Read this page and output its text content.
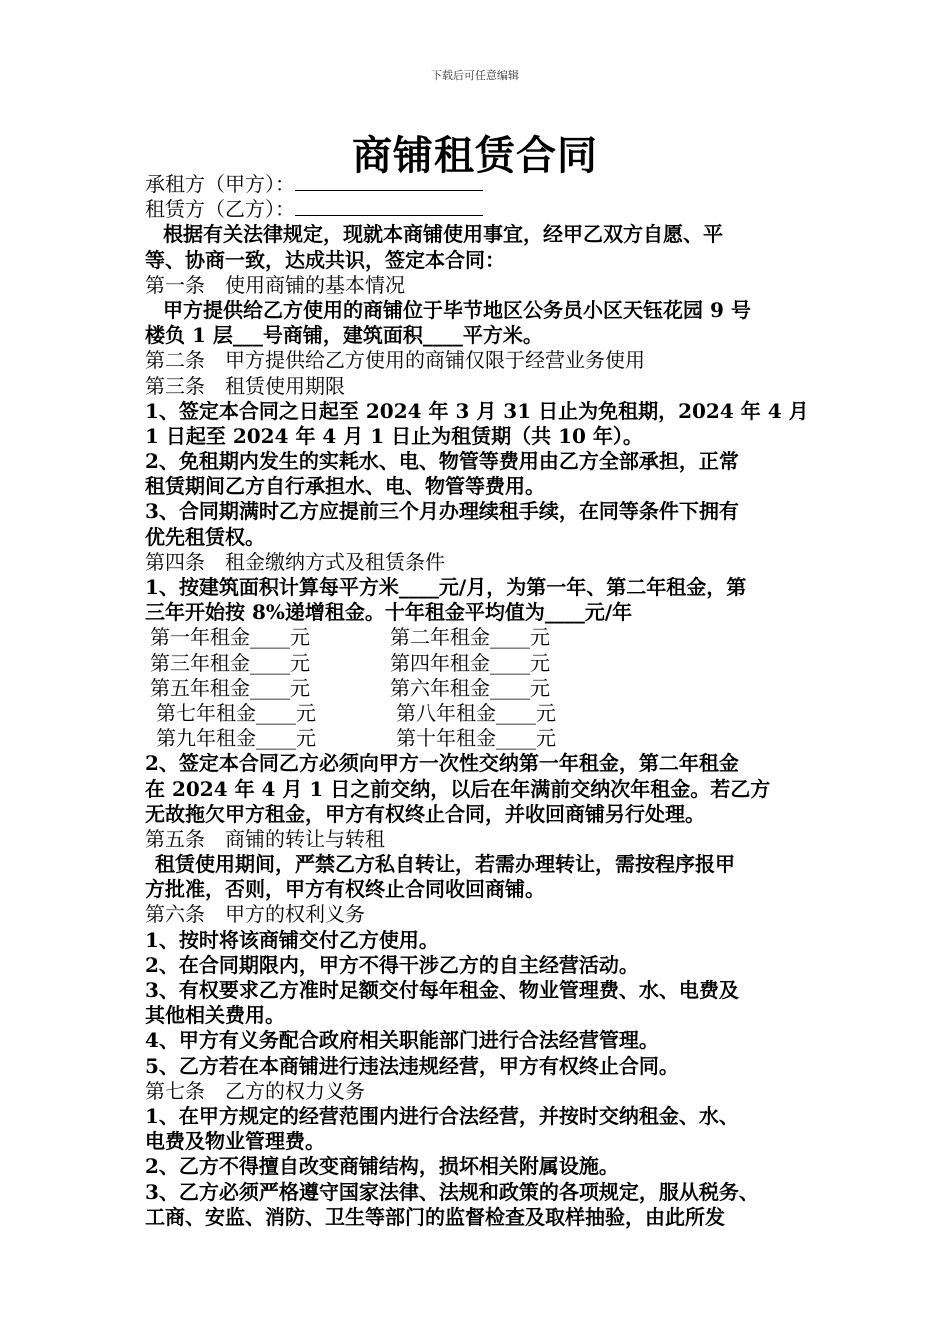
下载后可任意编辑
商铺租赁合同
承租方（甲方）：
租赁方（乙方）：
根据有关法律规定，现就本商铺使用事宜，经甲乙双方自愿、平
等、协商一致，达成共识，签定本合同：
第一条　使用商铺的基本情况
甲方提供给乙方使用的商铺位于毕节地区公务员小区天钰花园 9 号
楼负 1 层___号商铺，建筑面积____平方米。
第二条　甲方提供给乙方使用的商铺仅限于经营业务使用
第三条　租赁使用期限
1、签定本合同之日起至 2024 年 3 月 31 日止为免租期，2024 年 4 月
1 日起至 2024 年 4 月 1 日止为租赁期（共 10 年）。
2、免租期内发生的实耗水、电、物管等费用由乙方全部承担，正常
租赁期间乙方自行承担水、电、物管等费用。
3、合同期满时乙方应提前三个月办理续租手续，在同等条件下拥有
优先租赁权。
第四条　租金缴纳方式及租赁条件
1、按建筑面积计算每平方米____元/月，为第一年、第二年租金，第
三年开始按 8%递增租金。十年租金平均值为____元/年
第一年租金____元	第二年租金____元
第三年租金____元	第四年租金____元
第五年租金____元	第六年租金____元
第七年租金____元	第八年租金____元
第九年租金____元	第十年租金____元
2、签定本合同乙方必须向甲方一次性交纳第一年租金，第二年租金
在 2024 年 4 月 1 日之前交纳，以后在年满前交纳次年租金。若乙方
无故拖欠甲方租金，甲方有权终止合同，并收回商铺另行处理。
第五条　商铺的转让与转租
租赁使用期间，严禁乙方私自转让，若需办理转让，需按程序报甲
方批准，否则，甲方有权终止合同收回商铺。
第六条　甲方的权利义务
1、按时将该商铺交付乙方使用。
2、在合同期限内，甲方不得干涉乙方的自主经营活动。
3、有权要求乙方准时足额交付每年租金、物业管理费、水、电费及
其他相关费用。
4、甲方有义务配合政府相关职能部门进行合法经营管理。
5、乙方若在本商铺进行违法违规经营，甲方有权终止合同。
第七条　乙方的权力义务
1、在甲方规定的经营范围内进行合法经营，并按时交纳租金、水、
电费及物业管理费。
2、乙方不得擅自改变商铺结构，损坏相关附属设施。
3、乙方必须严格遵守国家法律、法规和政策的各项规定，服从税务、
工商、安监、消防、卫生等部门的监督检查及取样抽验，由此所发
